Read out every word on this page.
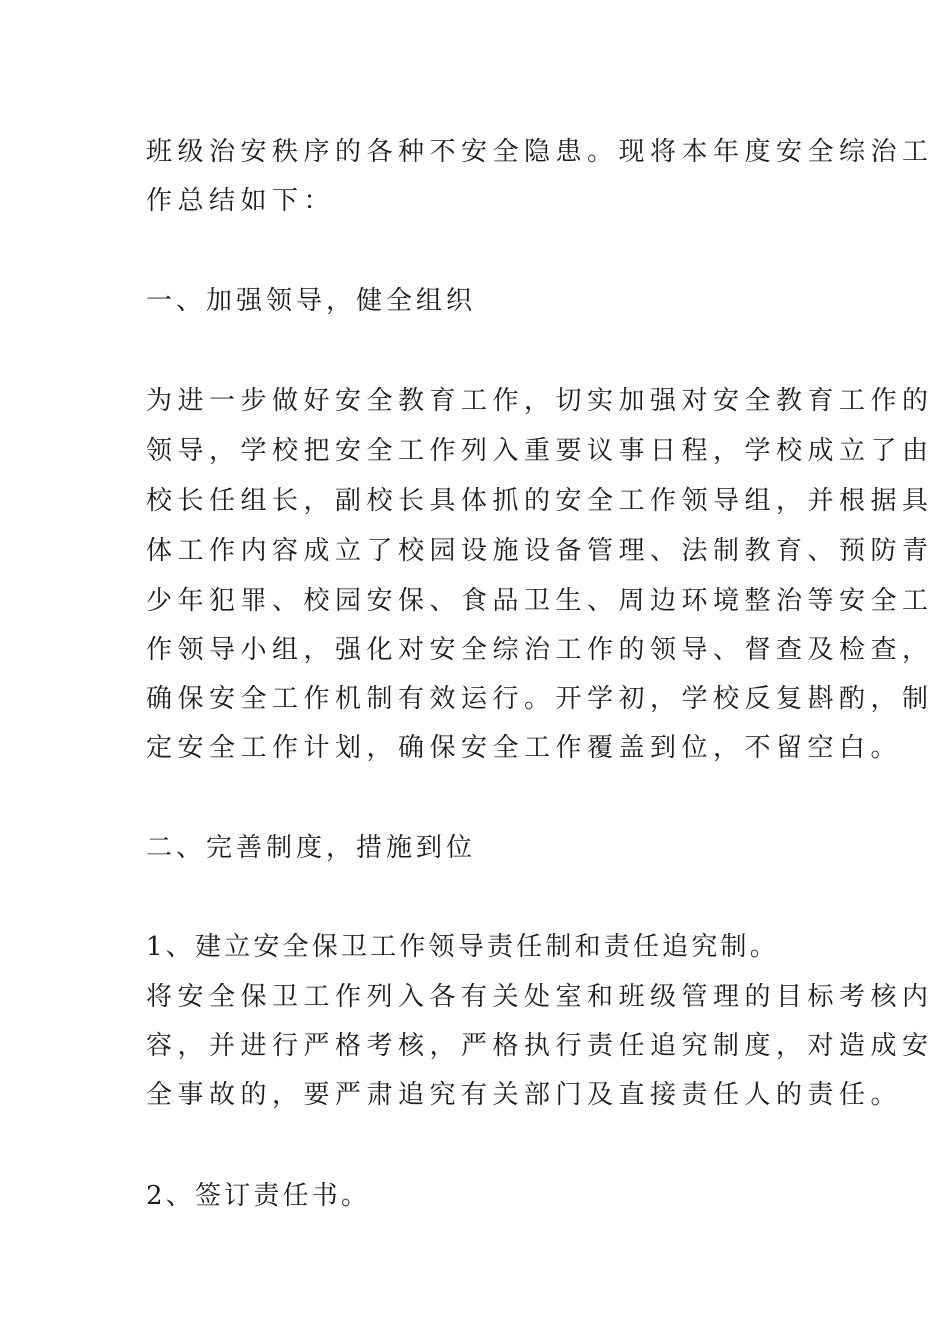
班级治安秩序的各种不安全隐患。现将本年度安全综治工
作总结如下：
一、加强领导，健全组织
为进一步做好安全教育工作，切实加强对安全教育工作的
领导，学校把安全工作列入重要议事日程，学校成立了由
校长任组长，副校长具体抓的安全工作领导组，并根据具
体工作内容成立了校园设施设备管理、法制教育、预防青
少年犯罪、校园安保、食品卫生、周边环境整治等安全工
作领导小组，强化对安全综治工作的领导、督查及检查，
确保安全工作机制有效运行。开学初，学校反复斟酌，制
定安全工作计划，确保安全工作覆盖到位，不留空白。
二、完善制度，措施到位
1、建立安全保卫工作领导责任制和责任追究制。
将安全保卫工作列入各有关处室和班级管理的目标考核内
容，并进行严格考核，严格执行责任追究制度，对造成安
全事故的，要严肃追究有关部门及直接责任人的责任。
2、签订责任书。
